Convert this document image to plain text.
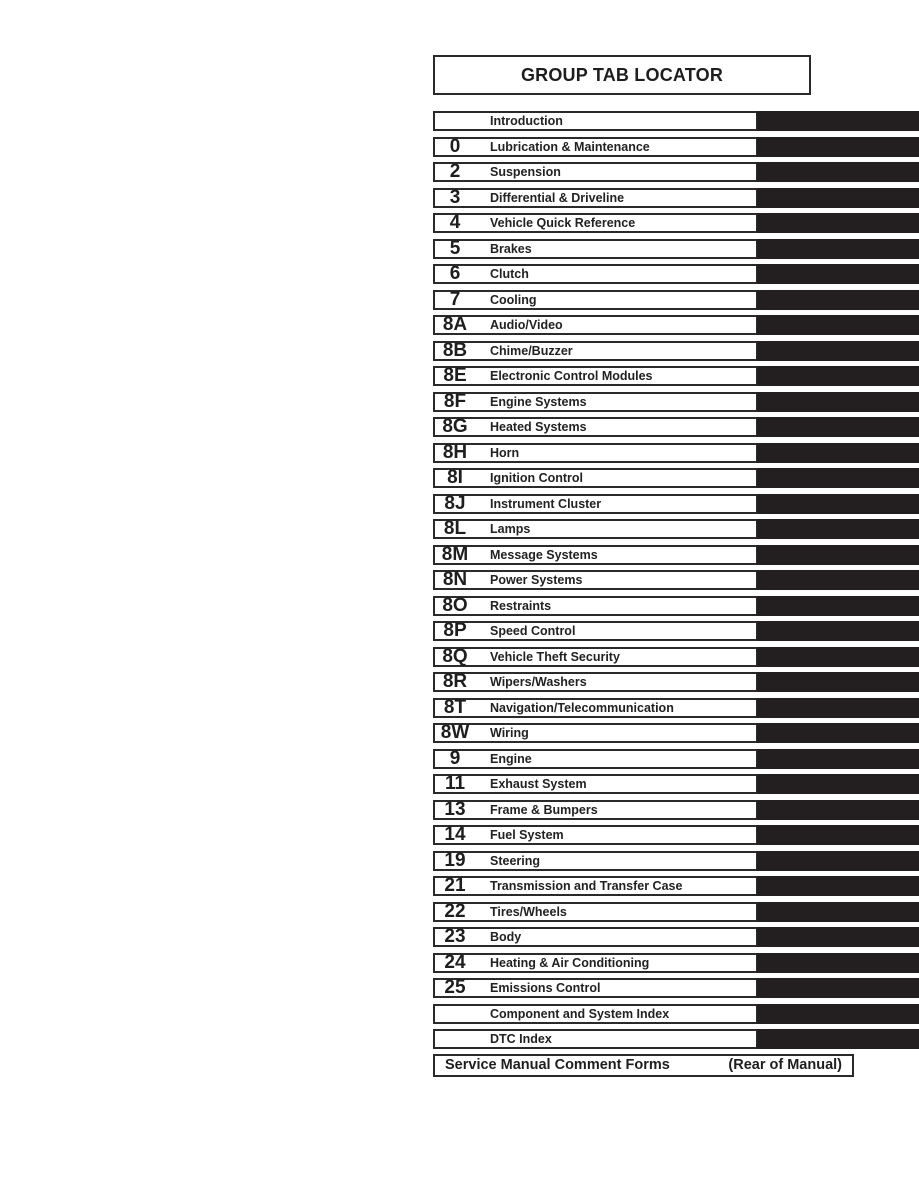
GROUP TAB LOCATOR
Introduction
0	Lubrication & Maintenance
2	Suspension
3	Differential & Driveline
4	Vehicle Quick Reference
5	Brakes
6	Clutch
7	Cooling
8A	Audio/Video
8B	Chime/Buzzer
8E	Electronic Control Modules
8F	Engine Systems
8G	Heated Systems
8H	Horn
8I	Ignition Control
8J	Instrument Cluster
8L	Lamps
8M	Message Systems
8N	Power Systems
8O	Restraints
8P	Speed Control
8Q	Vehicle Theft Security
8R	Wipers/Washers
8T	Navigation/Telecommunication
8W	Wiring
9	Engine
11	Exhaust System
13	Frame & Bumpers
14	Fuel System
19	Steering
21	Transmission and Transfer Case
22	Tires/Wheels
23	Body
24	Heating & Air Conditioning
25	Emissions Control
Component and System Index
DTC Index
Service Manual Comment Forms	(Rear of Manual)
